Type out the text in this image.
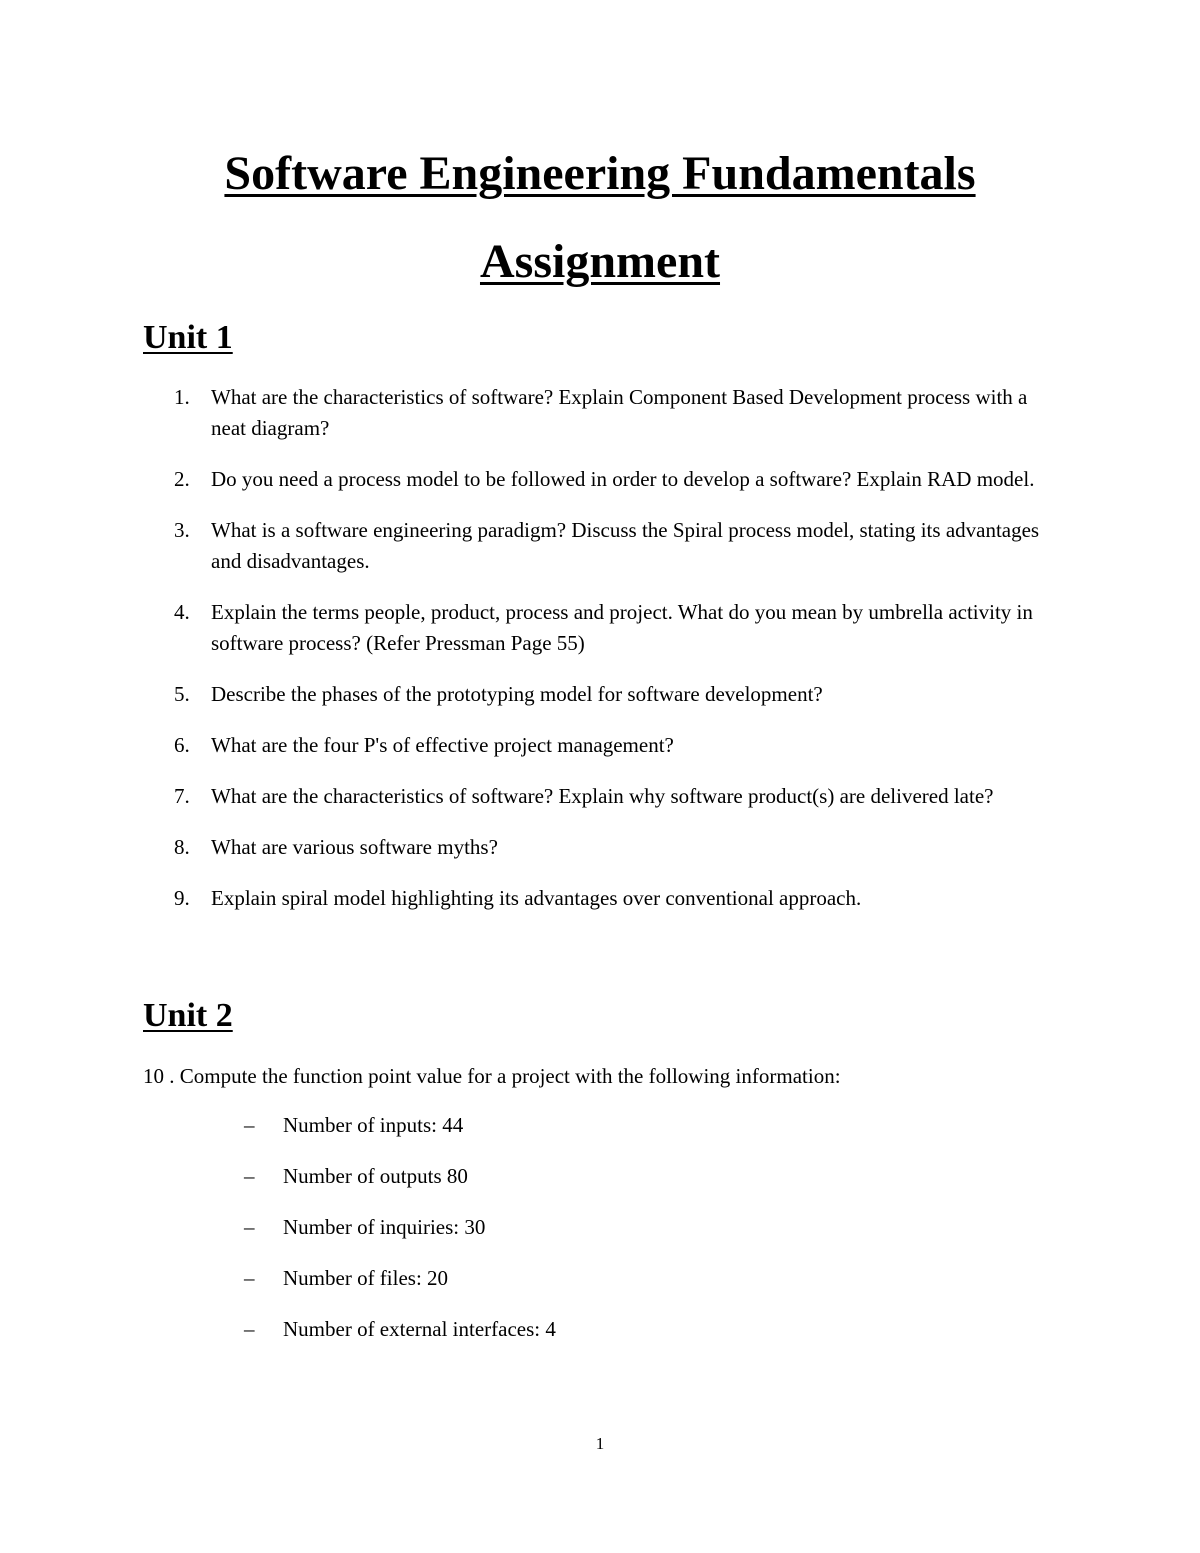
Software Engineering Fundamentals
Assignment
Unit 1
1.	What are the characteristics of software? Explain Component Based Development process with a neat diagram?
2.	Do you need a process model to be followed in order to develop a software? Explain RAD model.
3.	What is a software engineering paradigm? Discuss the Spiral process model, stating its advantages and disadvantages.
4.	Explain the terms people, product, process and project. What do you mean by umbrella activity in software process? (Refer Pressman Page 55)
5.	Describe the phases of the prototyping model for software development?
6.	What are the four P's of effective project management?
7.	What are the characteristics of software? Explain why software product(s) are delivered late?
8.	What are various software myths?
9.	Explain spiral model highlighting its advantages over conventional approach.
Unit 2
10 . Compute the function point value for a project with the following information:
– Number of inputs: 44
– Number of outputs 80
– Number of inquiries: 30
– Number of files: 20
– Number of external interfaces: 4
1
